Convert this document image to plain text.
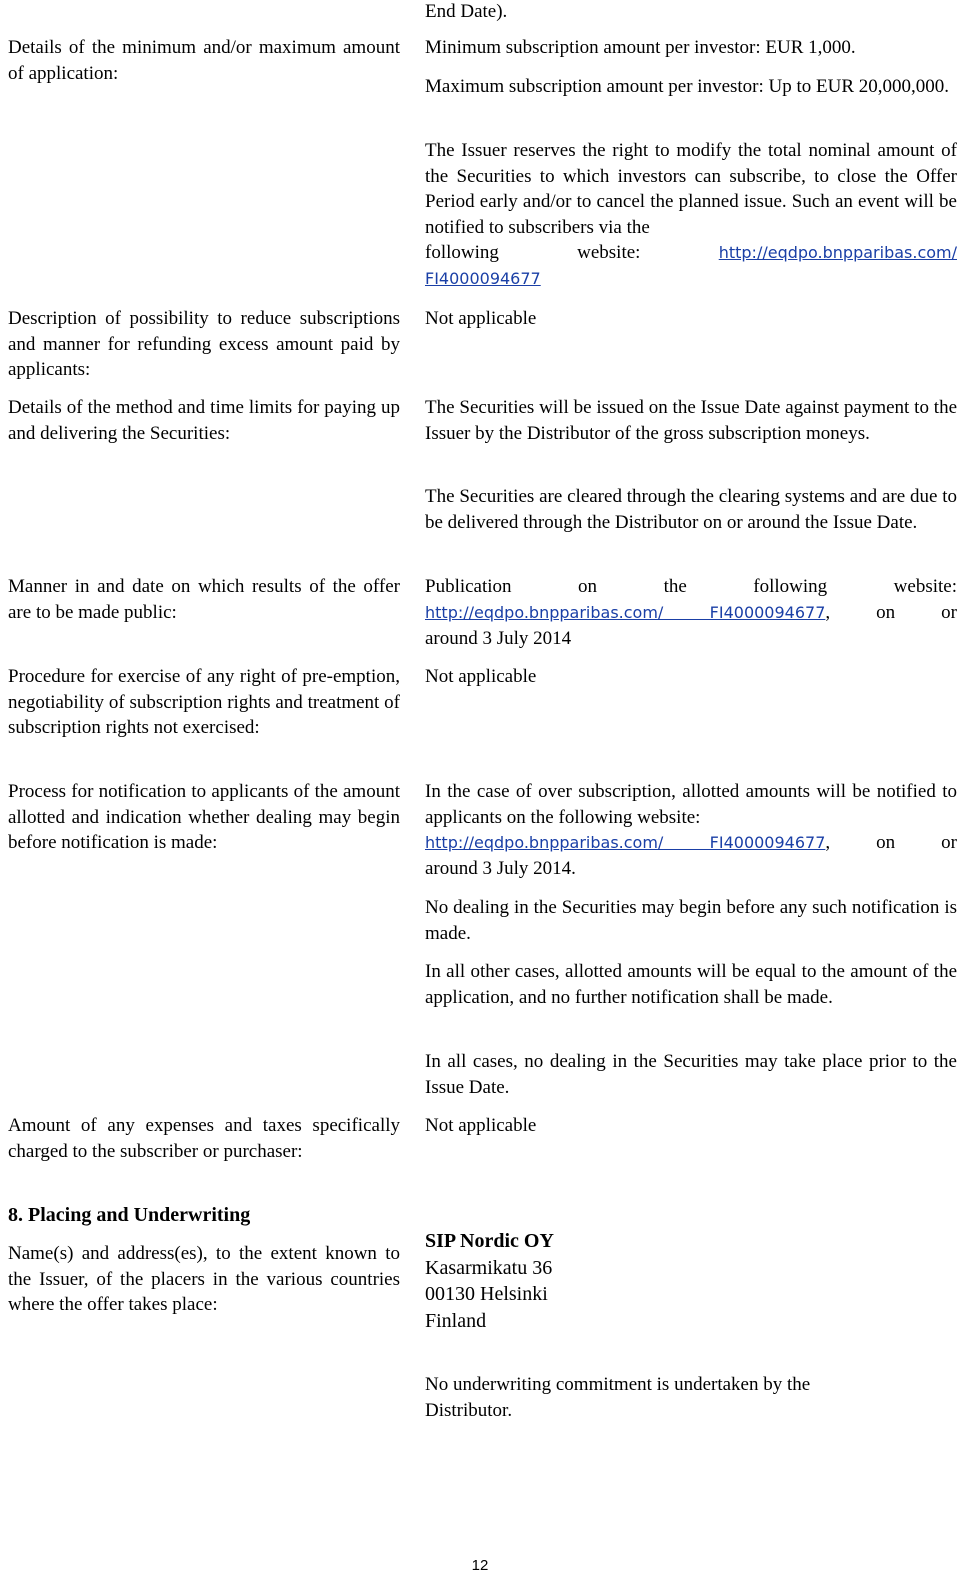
End Date).

Details of the minimum and/or maximum amount of application:

Minimum subscription amount per investor: EUR 1,000.

Maximum subscription amount per investor: Up to EUR 20,000,000.

The Issuer reserves the right to modify the total nominal amount of the Securities to which investors can subscribe, to close the Offer Period early and/or to cancel the planned issue. Such an event will be notified to subscribers via the

following website:	http://eqdpo.bnpparibas.com/

FI4000094677

Description of possibility to reduce subscriptions and manner for refunding excess amount paid by applicants:

Not applicable

Details of the method and time limits for paying up and delivering the Securities:

The Securities will be issued on the Issue Date against payment to the Issuer by the Distributor of the gross subscription moneys.

The Securities are cleared through the clearing systems and are due to be delivered through the Distributor on or around the Issue Date.

Manner in and date on which results of the offer are to be made public:

Publication on the following website:

http://eqdpo.bnpparibas.com/ FI4000094677, on or

around 3 July 2014

Procedure for exercise of any right of pre-emption, negotiability of subscription rights and treatment of subscription rights not exercised:

Not applicable

Process for notification to applicants of the amount allotted and indication whether dealing may begin before notification is made:

In the case of over subscription, allotted amounts will be notified to applicants on the following website:

http://eqdpo.bnpparibas.com/ FI4000094677, on or

around 3 July 2014.

No dealing in the Securities may begin before any such notification is made.

In all other cases, allotted amounts will be equal to the amount of the application, and no further notification shall be made.

In all cases, no dealing in the Securities may take place prior to the Issue Date.

Amount of any expenses and taxes specifically charged to the subscriber or purchaser:

Not applicable

8. Placing and Underwriting

Name(s) and address(es), to the extent known to the Issuer, of the placers in the various countries where the offer takes place:

SIP Nordic OY
Kasarmikatu 36
00130 Helsinki
Finland

No underwriting commitment is undertaken by the Distributor.

12
